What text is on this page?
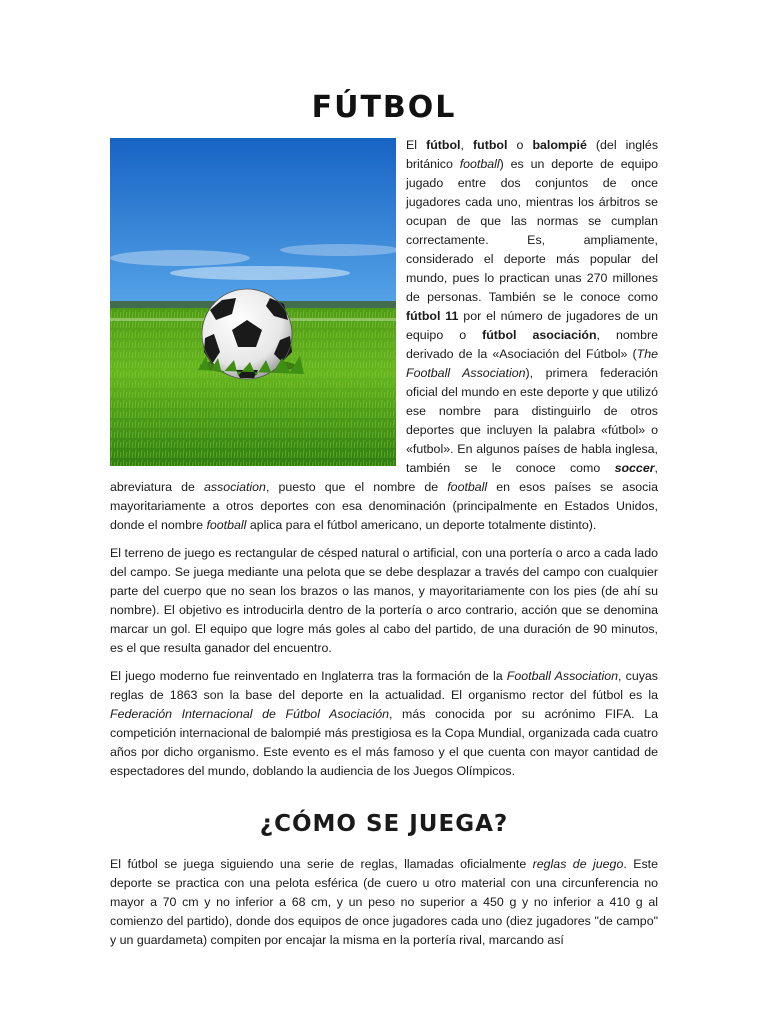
FÚTBOL

El fútbol, futbol o balompié (del inglés británico football) es un deporte de equipo jugado entre dos conjuntos de once jugadores cada uno, mientras los árbitros se ocupan de que las normas se cumplan correctamente. Es, ampliamente, considerado el deporte más popular del mundo, pues lo practican unas 270 millones de personas. También se le conoce como fútbol 11 por el número de jugadores de un equipo o fútbol asociación, nombre derivado de la «Asociación del Fútbol» (The Football Association), primera federación oficial del mundo en este deporte y que utilizó ese nombre para distinguirlo de otros deportes que incluyen la palabra «fútbol» o «futbol». En algunos países de habla inglesa, también se le conoce como soccer, abreviatura de association, puesto que el nombre de football en esos países se asocia mayoritariamente a otros deportes con esa denominación (principalmente en Estados Unidos, donde el nombre football aplica para el fútbol americano, un deporte totalmente distinto).

El terreno de juego es rectangular de césped natural o artificial, con una portería o arco a cada lado del campo. Se juega mediante una pelota que se debe desplazar a través del campo con cualquier parte del cuerpo que no sean los brazos o las manos, y mayoritariamente con los pies (de ahí su nombre). El objetivo es introducirla dentro de la portería o arco contrario, acción que se denomina marcar un gol. El equipo que logre más goles al cabo del partido, de una duración de 90 minutos, es el que resulta ganador del encuentro.

El juego moderno fue reinventado en Inglaterra tras la formación de la Football Association, cuyas reglas de 1863 son la base del deporte en la actualidad. El organismo rector del fútbol es la Federación Internacional de Fútbol Asociación, más conocida por su acrónimo FIFA. La competición internacional de balompié más prestigiosa es la Copa Mundial, organizada cada cuatro años por dicho organismo. Este evento es el más famoso y el que cuenta con mayor cantidad de espectadores del mundo, doblando la audiencia de los Juegos Olímpicos.

¿CÓMO SE JUEGA?

El fútbol se juega siguiendo una serie de reglas, llamadas oficialmente reglas de juego. Este deporte se practica con una pelota esférica (de cuero u otro material con una circunferencia no mayor a 70 cm y no inferior a 68 cm, y un peso no superior a 450 g y no inferior a 410 g al comienzo del partido), donde dos equipos de once jugadores cada uno (diez jugadores "de campo" y un guardameta) compiten por encajar la misma en la portería rival, marcando así
